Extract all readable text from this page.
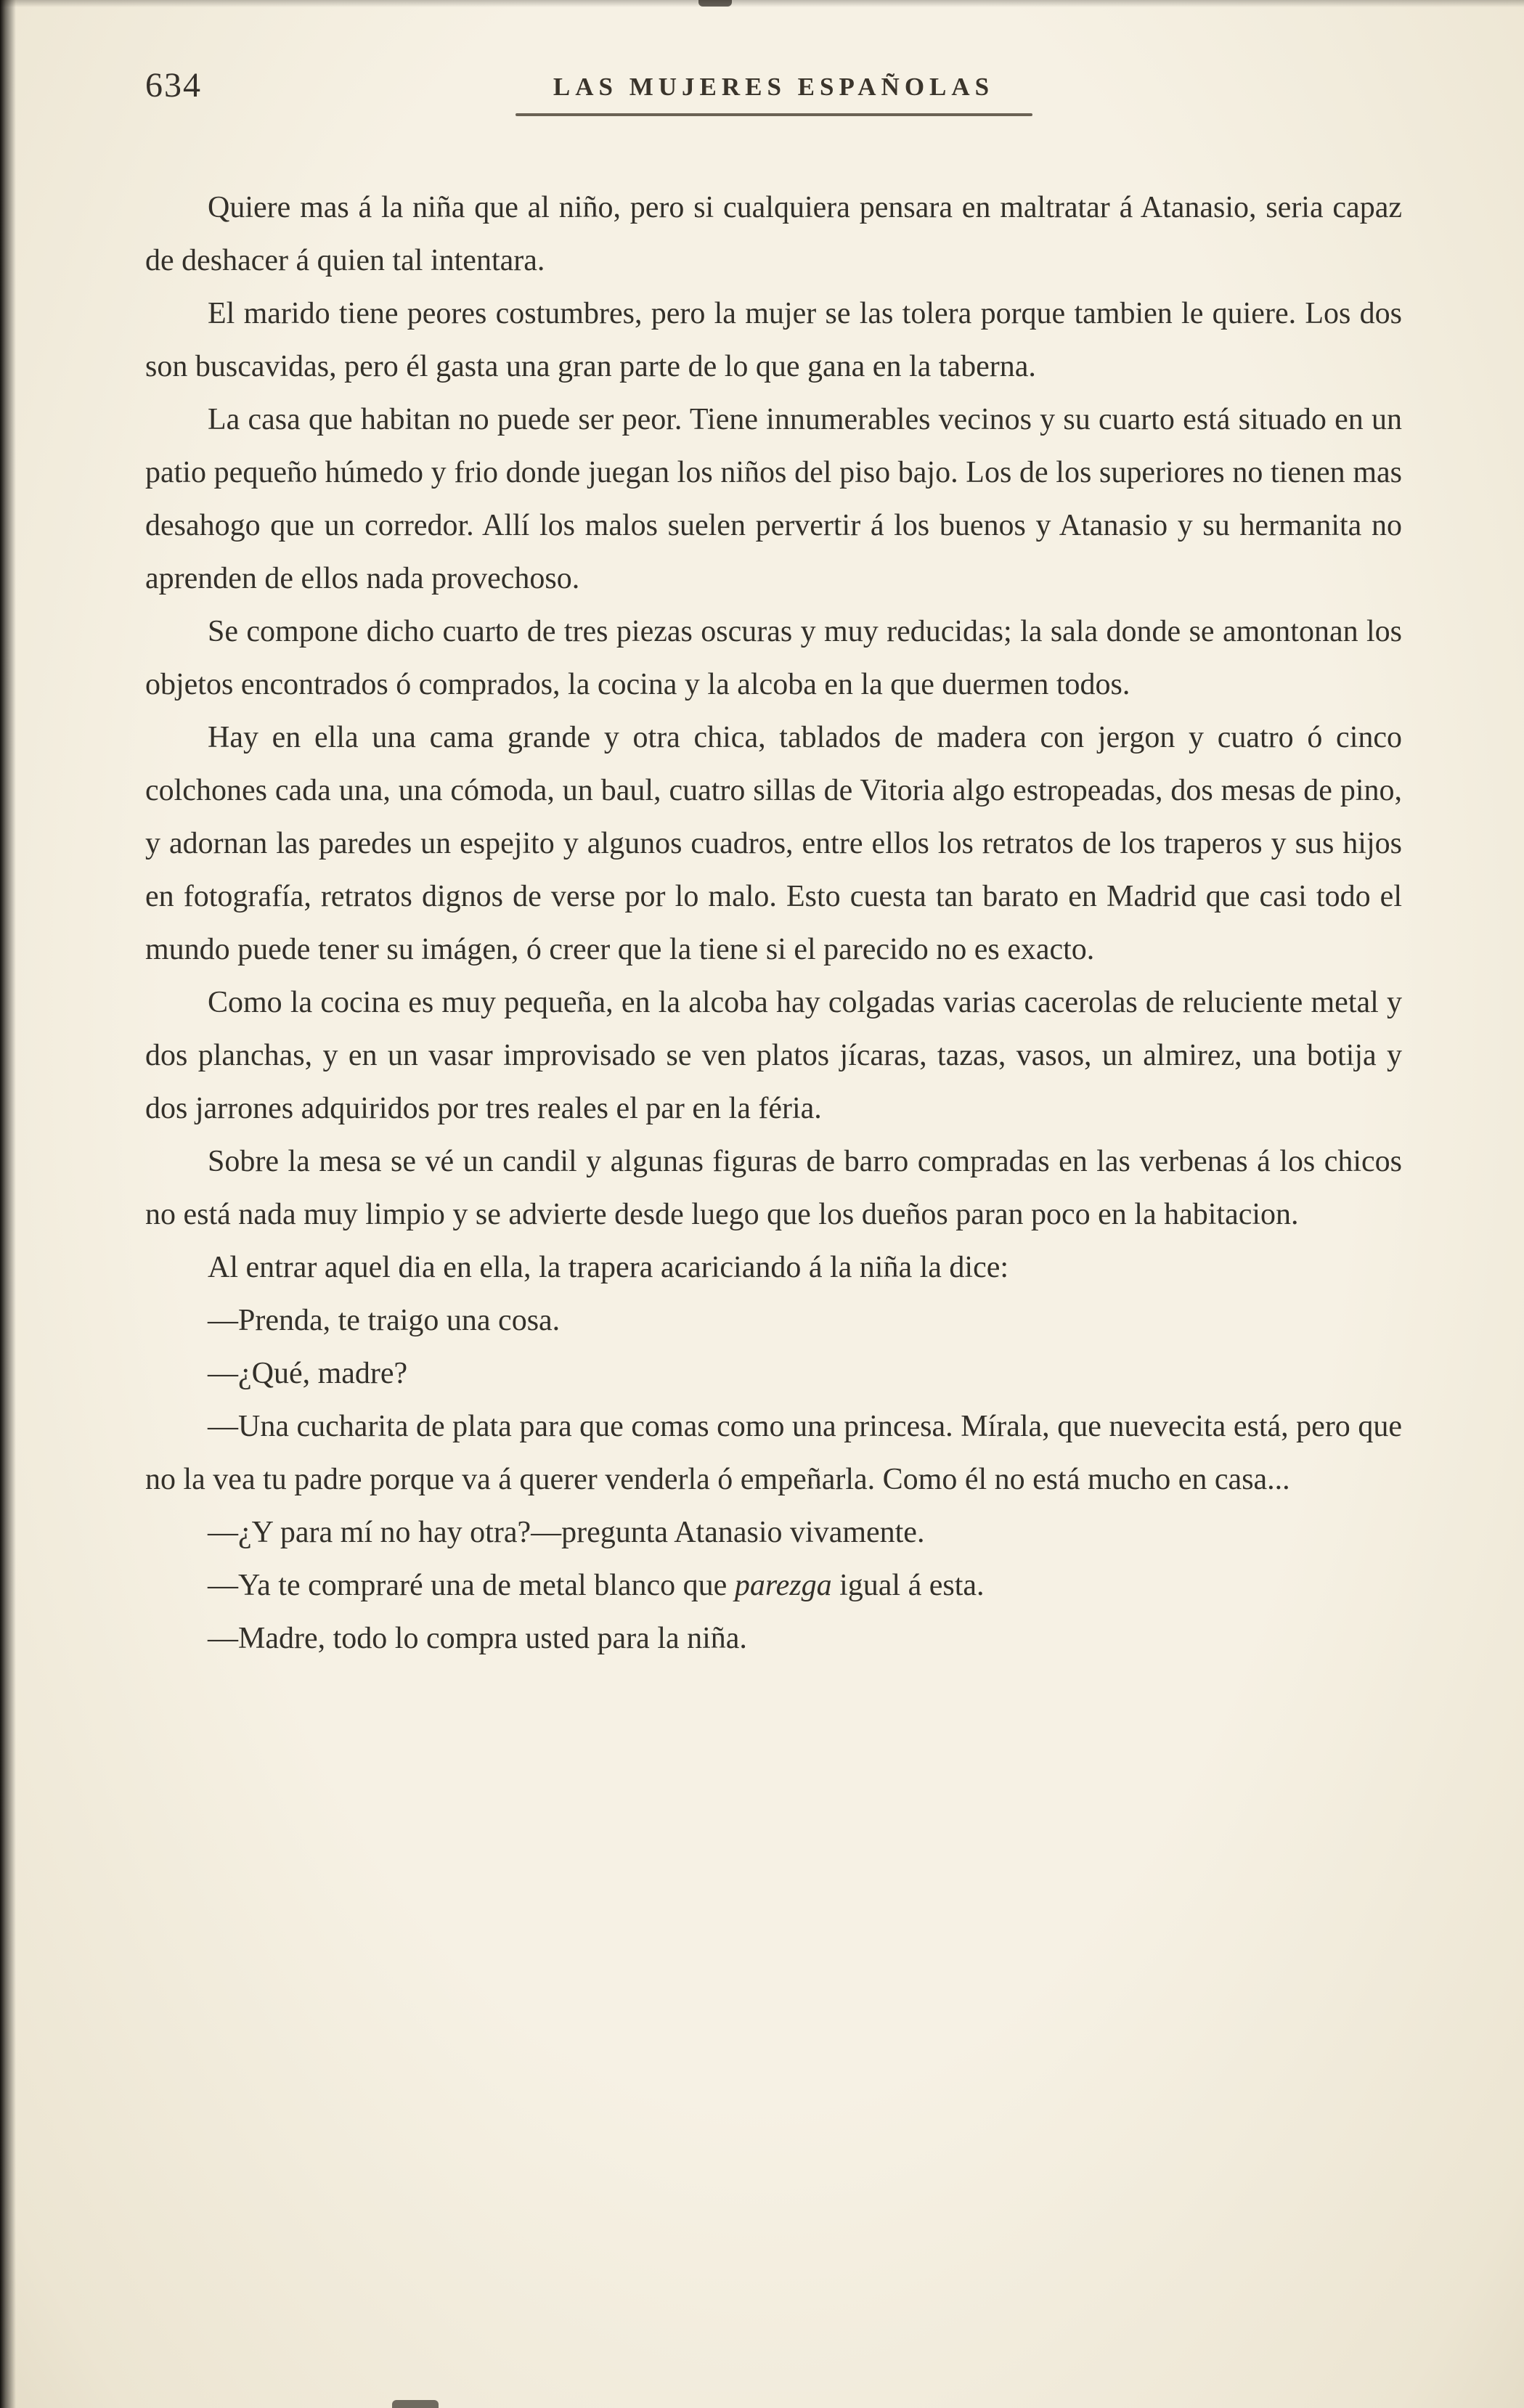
634	LAS MUJERES ESPAÑOLAS

Quiere mas á la niña que al niño, pero si cualquiera pensara en maltratar á Atanasio, seria capaz de deshacer á quien tal intentara.

El marido tiene peores costumbres, pero la mujer se las tolera porque tambien le quiere. Los dos son buscavidas, pero él gasta una gran parte de lo que gana en la taberna.

La casa que habitan no puede ser peor. Tiene innumerables vecinos y su cuarto está situado en un patio pequeño húmedo y frio donde juegan los niños del piso bajo. Los de los superiores no tienen mas desahogo que un corredor. Allí los malos suelen pervertir á los buenos y Atanasio y su hermanita no aprenden de ellos nada provechoso.

Se compone dicho cuarto de tres piezas oscuras y muy reducidas; la sala donde se amontonan los objetos encontrados ó comprados, la cocina y la alcoba en la que duermen todos.

Hay en ella una cama grande y otra chica, tablados de madera con jergon y cuatro ó cinco colchones cada una, una cómoda, un baul, cuatro sillas de Vitoria algo estropeadas, dos mesas de pino, y adornan las paredes un espejito y algunos cuadros, entre ellos los retratos de los traperos y sus hijos en fotografía, retratos dignos de verse por lo malo. Esto cuesta tan barato en Madrid que casi todo el mundo puede tener su imágen, ó creer que la tiene si el parecido no es exacto.

Como la cocina es muy pequeña, en la alcoba hay colgadas varias cacerolas de reluciente metal y dos planchas, y en un vasar improvisado se ven platos jícaras, tazas, vasos, un almirez, una botija y dos jarrones adquiridos por tres reales el par en la féria.

Sobre la mesa se vé un candil y algunas figuras de barro compradas en las verbenas á los chicos no está nada muy limpio y se advierte desde luego que los dueños paran poco en la habitacion.

Al entrar aquel dia en ella, la trapera acariciando á la niña la dice:

—Prenda, te traigo una cosa.

—¿Qué, madre?

—Una cucharita de plata para que comas como una princesa. Mírala, que nuevecita está, pero que no la vea tu padre porque va á querer venderla ó empeñarla. Como él no está mucho en casa...

—¿Y para mí no hay otra?—pregunta Atanasio vivamente.

—Ya te compraré una de metal blanco que parezga igual á esta.

—Madre, todo lo compra usted para la niña.
